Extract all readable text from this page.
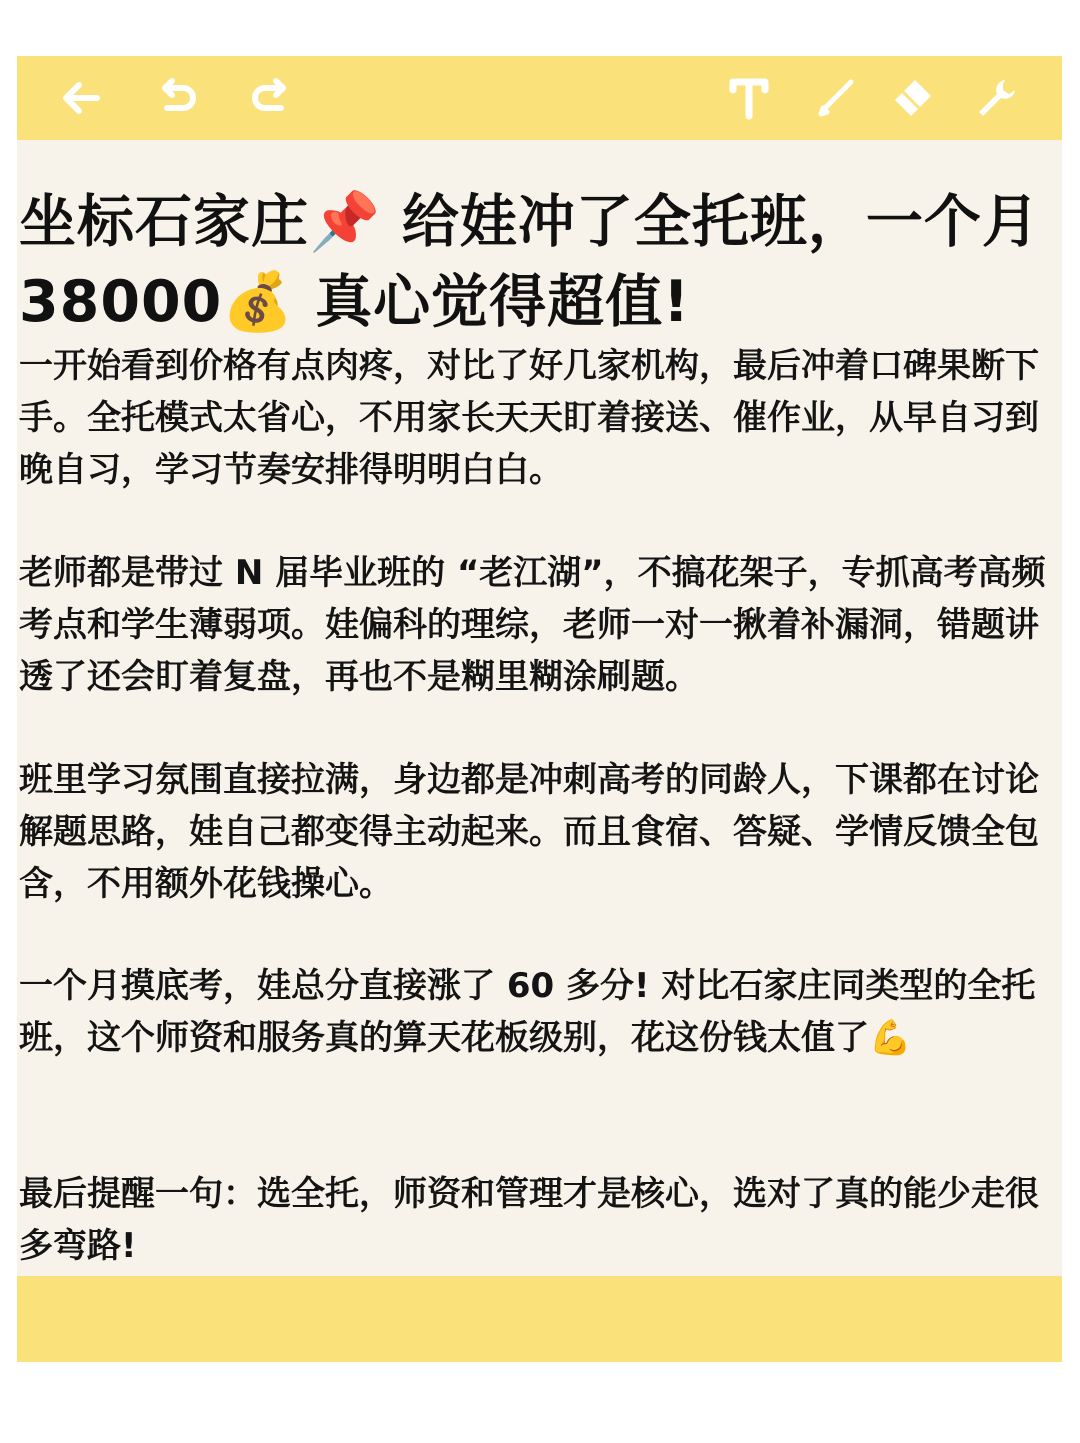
坐标石家庄📌 给娃冲了全托班，一个月38000💰 真心觉得超值!

一开始看到价格有点肉疼，对比了好几家机构，最后冲着口碑果断下手。全托模式太省心，不用家长天天盯着接送、催作业，从早自习到晚自习，学习节奏安排得明明白白。

老师都是带过 N 届毕业班的 “老江湖”，不搞花架子，专抓高考高频考点和学生薄弱项。娃偏科的理综，老师一对一揪着补漏洞，错题讲透了还会盯着复盘，再也不是糊里糊涂刷题。

班里学习氛围直接拉满，身边都是冲刺高考的同龄人，下课都在讨论解题思路，娃自己都变得主动起来。而且食宿、答疑、学情反馈全包含，不用额外花钱操心。

一个月摸底考，娃总分直接涨了 60 多分! 对比石家庄同类型的全托班，这个师资和服务真的算天花板级别，花这份钱太值了💪

最后提醒一句：选全托，师资和管理才是核心，选对了真的能少走很多弯路!
